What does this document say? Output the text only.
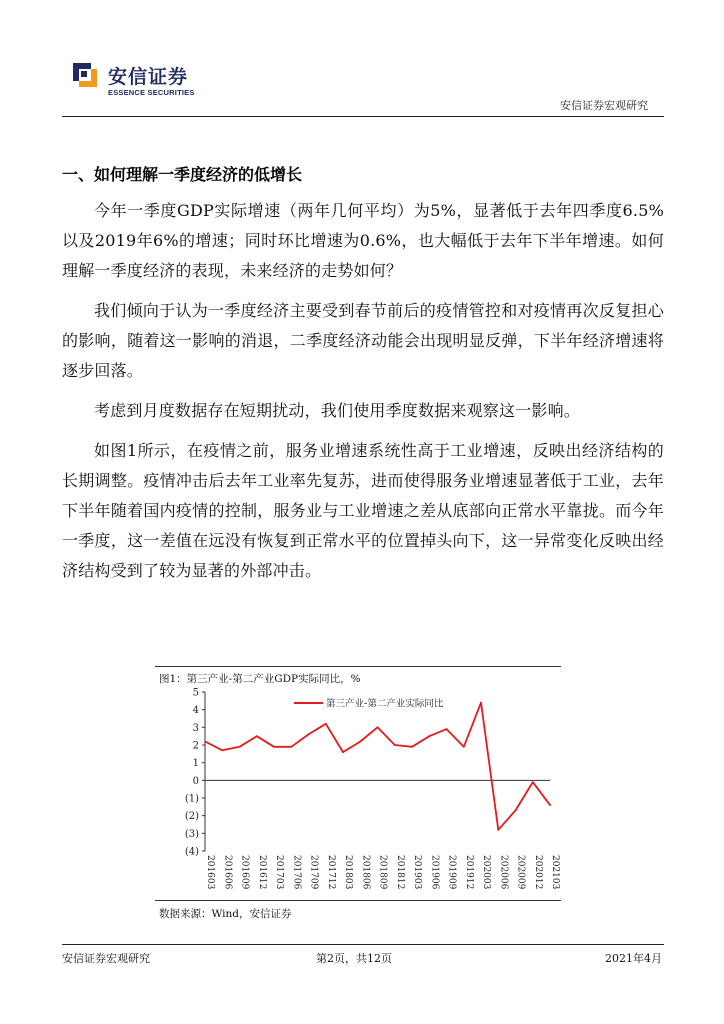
安信证券
ESSENCE SECURITIES
安信证券宏观研究
一、如何理解一季度经济的低增长

今年一季度GDP实际增速（两年几何平均）为5%，显著低于去年四季度6.5%以及2019年6%的增速；同时环比增速为0.6%，也大幅低于去年下半年增速。如何理解一季度经济的表现，未来经济的走势如何？

我们倾向于认为一季度经济主要受到春节前后的疫情管控和对疫情再次反复担心的影响，随着这一影响的消退，二季度经济动能会出现明显反弹，下半年经济增速将逐步回落。

考虑到月度数据存在短期扰动，我们使用季度数据来观察这一影响。

如图1所示，在疫情之前，服务业增速系统性高于工业增速，反映出经济结构的长期调整。疫情冲击后去年工业率先复苏，进而使得服务业增速显著低于工业，去年下半年随着国内疫情的控制，服务业与工业增速之差从底部向正常水平靠拢。而今年一季度，这一差值在远没有恢复到正常水平的位置掉头向下，这一异常变化反映出经济结构受到了较为显著的外部冲击。

图1：第三产业-第二产业GDP实际同比，%
5
4
3
2
1
0
(1)
(2)
(3)
(4)
201603 201606 201609 201612 201703 201706 201709 201712 201803 201806 201809 201812 201903 201906 201909 201912 202003 202006 202009 202012 202103
第三产业-第二产业实际同比
数据来源：Wind，安信证券
安信证券宏观研究	第2页，共12页	2021年4月
